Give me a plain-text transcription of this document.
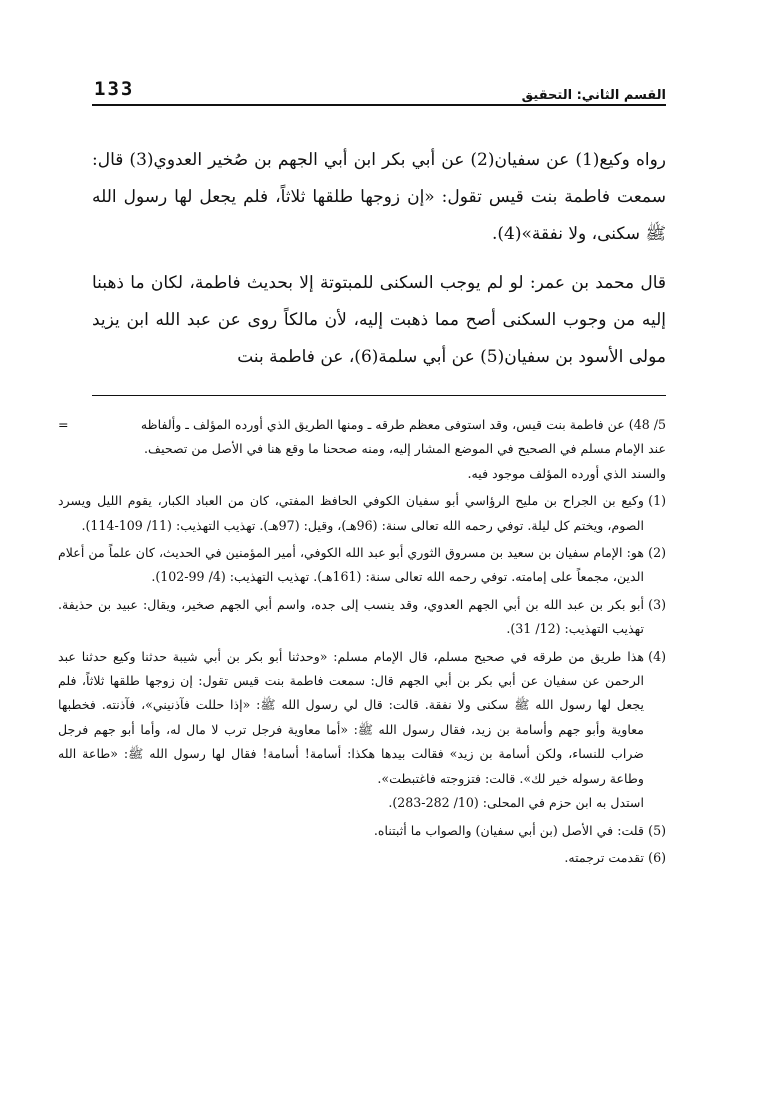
133	القسم الثاني: التحقيق

رواه وكيع(1) عن سفيان(2) عن أبي بكر ابن أبي الجهم بن صُخير العدوي(3) قال: سمعت فاطمة بنت قيس تقول: «إن زوجها طلقها ثلاثاً، فلم يجعل لها رسول الله ﷺ سكنى، ولا نفقة»(4).

قال محمد بن عمر: لو لم يوجب السكنى للمبتوتة إلا بحديث فاطمة، لكان ما ذهبنا إليه من وجوب السكنى أصح مما ذهبت إليه، لأن مالكاً روى عن عبد الله ابن يزيد مولى الأسود بن سفيان(5) عن أبي سلمة(6)، عن فاطمة بنت

=	5/ 48) عن فاطمة بنت قيس، وقد استوفى معظم طرقه ـ ومنها الطريق الذي أورده المؤلف ـ وألفاظه
عند الإمام مسلم في الصحيح في الموضع المشار إليه، ومنه صححنا ما وقع هنا في الأصل من تصحيف.
والسند الذي أورده المؤلف موجود فيه.
(1)
وكيع بن الجراح بن مليح الرؤاسي أبو سفيان الكوفي الحافظ المفتي، كان من العباد الكبار، يقوم الليل ويسرد الصوم، ويختم كل ليلة. توفي رحمه الله تعالى سنة: (96هـ)، وقيل: (97هـ). تهذيب التهذيب: (11/ 109-114).
(2)
هو: الإمام سفيان بن سعيد بن مسروق الثوري أبو عبد الله الكوفي، أمير المؤمنين في الحديث، كان علماً من أعلام الدين، مجمعاً على إمامته. توفي رحمه الله تعالى سنة: (161هـ). تهذيب التهذيب: (4/ 99-102).
(3)
أبو بكر بن عبد الله بن أبي الجهم العدوي، وقد ينسب إلى جده، واسم أبي الجهم صخير، ويقال: عبيد بن حذيفة. تهذيب التهذيب: (12/ 31).
(4)
هذا طريق من طرقه في صحيح مسلم، قال الإمام مسلم: «وحدثنا أبو بكر بن أبي شيبة حدثنا وكيع حدثنا عبد الرحمن عن سفيان عن أبي بكر بن أبي الجهم قال: سمعت فاطمة بنت قيس تقول: إن زوجها طلقها ثلاثاً، فلم يجعل لها رسول الله ﷺ سكنى ولا نفقة. قالت: قال لي رسول الله ﷺ: «إذا حللت فآذنيني»، فآذنته. فخطبها معاوية وأبو جهم وأسامة بن زيد، فقال رسول الله ﷺ: «أما معاوية فرجل ترب لا مال له، وأما أبو جهم فرجل ضراب للنساء، ولكن أسامة بن زيد» فقالت بيدها هكذا: أسامة! أسامة! فقال لها رسول الله ﷺ: «طاعة الله وطاعة رسوله خير لك». قالت: فتزوجته فاغتبطت».
استدل به ابن حزم في المحلى: (10/ 282-283).
(5)
قلت: في الأصل (بن أبي سفيان) والصواب ما أثبتناه.
(6)
تقدمت ترجمته.
